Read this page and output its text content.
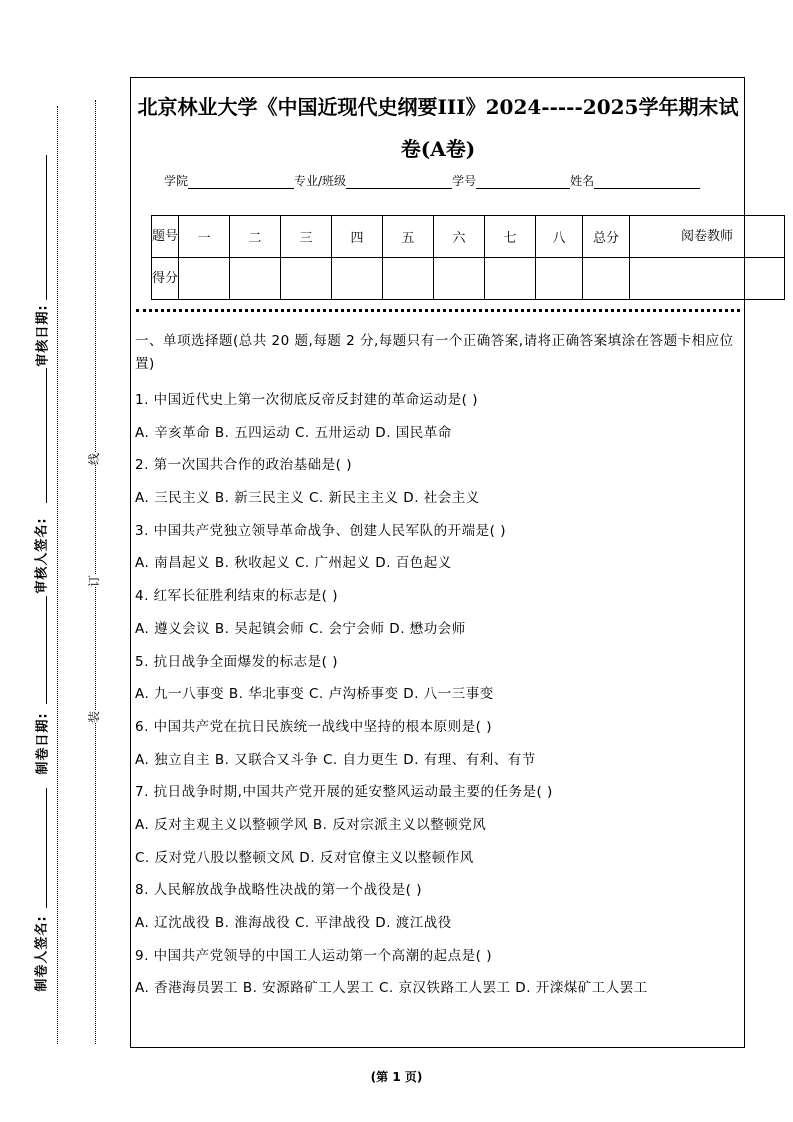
审核日期:
审核人签名:
制卷日期:
制卷人签名:
线
订
装
北京林业大学《中国近现代史纲要III》2024-----2025学年期末试卷(A卷)
学院	专业/班级	学号	姓名
题号	一	二	三	四	五	六	七	八	总分	阅卷教师
得分										
一、单项选择题(总共 20 题,每题 2 分,每题只有一个正确答案,请将正确答案填涂在答题卡相应位置)
1. 中国近代史上第一次彻底反帝反封建的革命运动是( )
A. 辛亥革命 B. 五四运动 C. 五卅运动 D. 国民革命
2. 第一次国共合作的政治基础是( )
A. 三民主义 B. 新三民主义 C. 新民主主义 D. 社会主义
3. 中国共产党独立领导革命战争、创建人民军队的开端是( )
A. 南昌起义 B. 秋收起义 C. 广州起义 D. 百色起义
4. 红军长征胜利结束的标志是( )
A. 遵义会议 B. 吴起镇会师 C. 会宁会师 D. 懋功会师
5. 抗日战争全面爆发的标志是( )
A. 九一八事变 B. 华北事变 C. 卢沟桥事变 D. 八一三事变
6. 中国共产党在抗日民族统一战线中坚持的根本原则是( )
A. 独立自主 B. 又联合又斗争 C. 自力更生 D. 有理、有利、有节
7. 抗日战争时期,中国共产党开展的延安整风运动最主要的任务是( )
A. 反对主观主义以整顿学风 B. 反对宗派主义以整顿党风
C. 反对党八股以整顿文风 D. 反对官僚主义以整顿作风
8. 人民解放战争战略性决战的第一个战役是( )
A. 辽沈战役 B. 淮海战役 C. 平津战役 D. 渡江战役
9. 中国共产党领导的中国工人运动第一个高潮的起点是( )
A. 香港海员罢工 B. 安源路矿工人罢工 C. 京汉铁路工人罢工 D. 开滦煤矿工人罢工
(第 1 页)
